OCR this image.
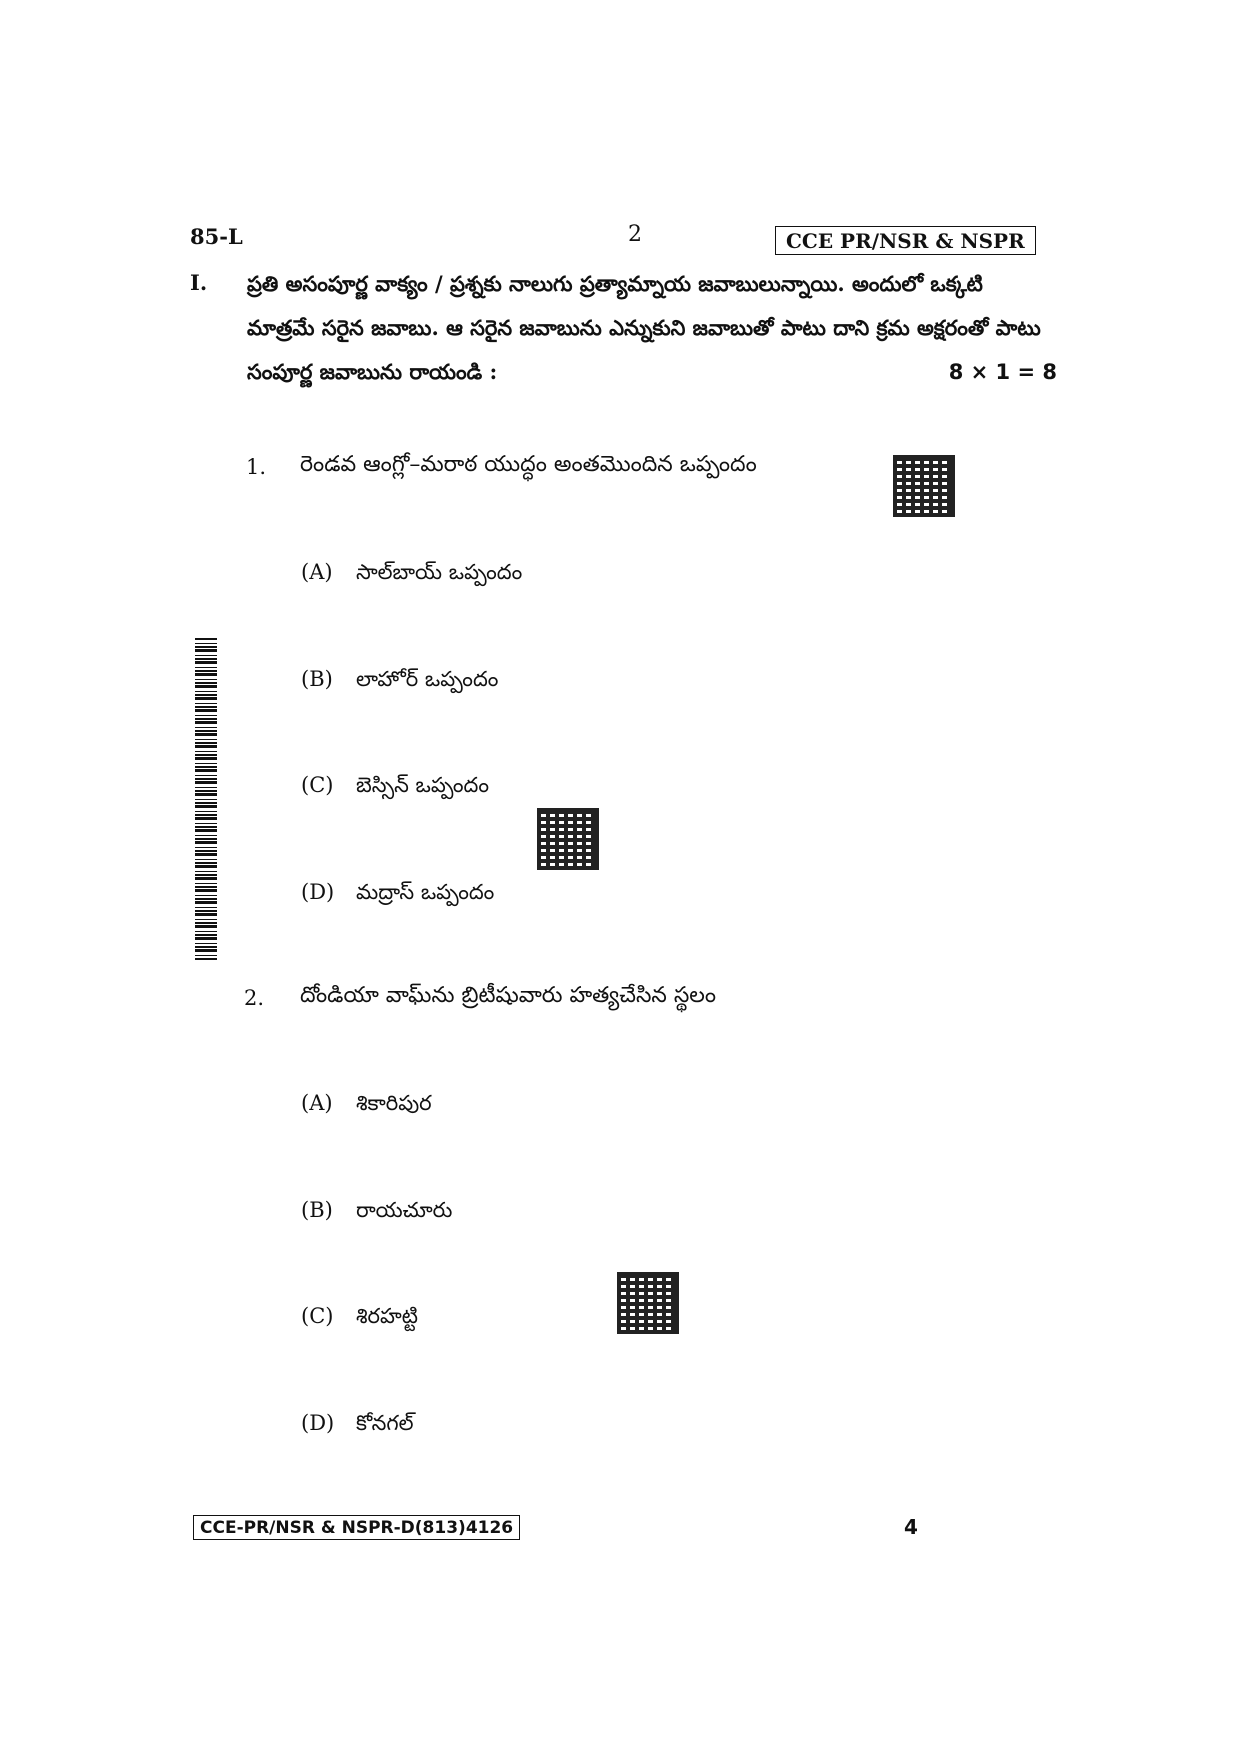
85-L	2	CCE PR/NSR & NSPR
I. ప్రతి అసంపూర్ణ వాక్యం / ప్రశ్నకు నాలుగు ప్రత్యామ్నాయ జవాబులున్నాయి. అందులో ఒక్కటి మాత్రమే సరైన జవాబు. ఆ సరైన జవాబును ఎన్నుకుని జవాబుతో పాటు దాని క్రమ అక్షరంతో పాటు సంపూర్ణ జవాబును రాయండి :	8 × 1 = 8
1. రెండవ ఆంగ్లో–మరాఠ యుద్ధం అంతమొందిన ఒప్పందం
(A) సాల్‌బాయ్ ఒప్పందం
(B) లాహోర్ ఒప్పందం
(C) బెస్సిన్ ఒప్పందం
(D) మద్రాస్ ఒప్పందం
2. దోండియా వాఘ్‌ను బ్రిటీషువారు హత్యచేసిన స్థలం
(A) శికారిపుర
(B) రాయచూరు
(C) శిరహట్టి
(D) కోనగల్
CCE-PR/NSR & NSPR-D(813)4126	4
